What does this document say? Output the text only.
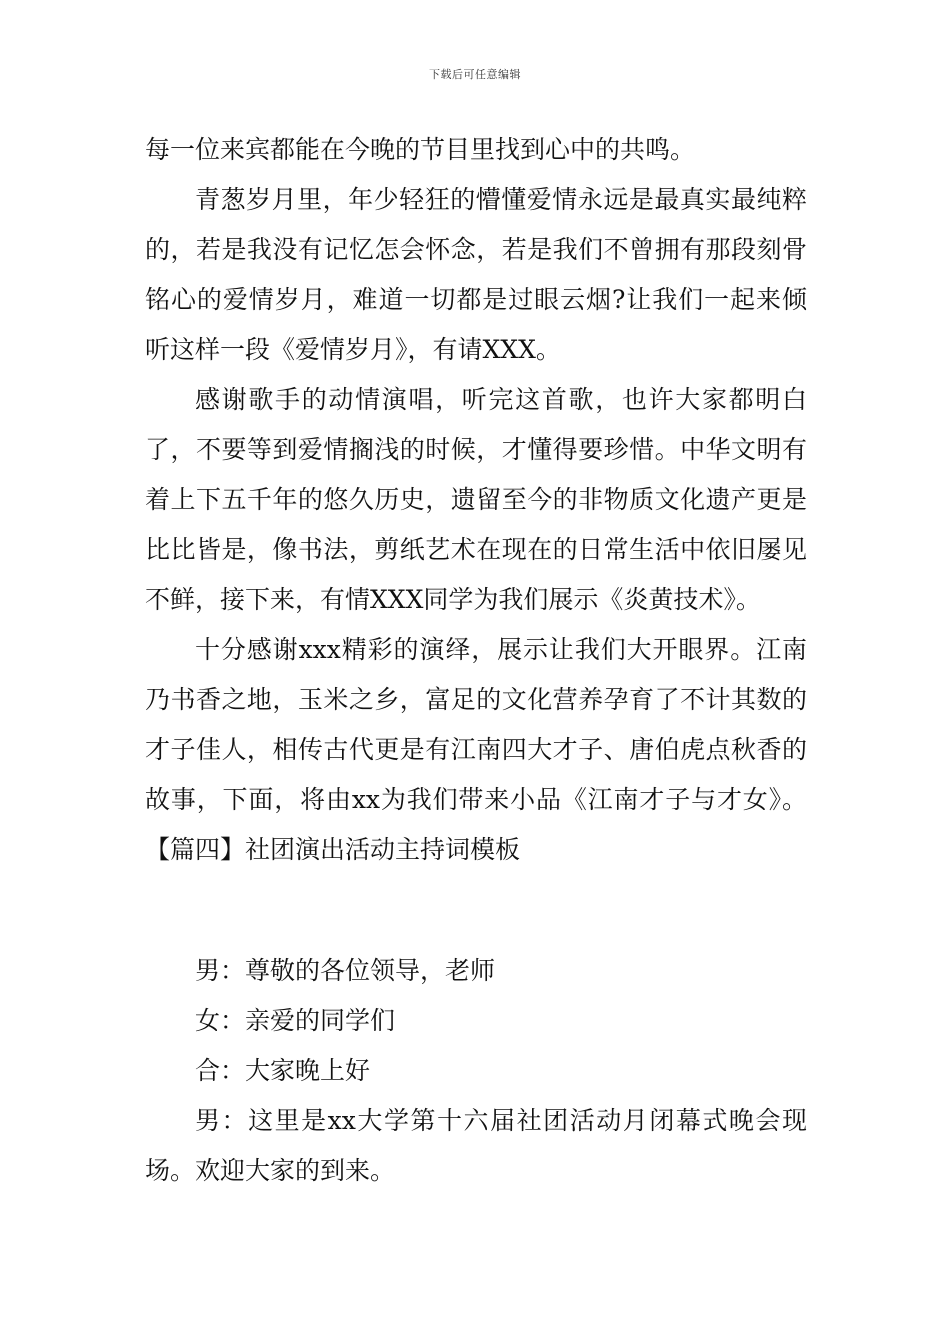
下载后可任意编辑

每一位来宾都能在今晚的节目里找到心中的共鸣。

青葱岁月里，年少轻狂的懵懂爱情永远是最真实最纯粹的，若是我没有记忆怎会怀念，若是我们不曾拥有那段刻骨铭心的爱情岁月，难道一切都是过眼云烟?让我们一起来倾听这样一段《爱情岁月》，有请XXX。

感谢歌手的动情演唱，听完这首歌，也许大家都明白了，不要等到爱情搁浅的时候，才懂得要珍惜。中华文明有着上下五千年的悠久历史，遗留至今的非物质文化遗产更是比比皆是，像书法，剪纸艺术在现在的日常生活中依旧屡见不鲜，接下来，有情XXX同学为我们展示《炎黄技术》。

十分感谢xxx精彩的演绎，展示让我们大开眼界。江南乃书香之地，玉米之乡，富足的文化营养孕育了不计其数的才子佳人，相传古代更是有江南四大才子、唐伯虎点秋香的故事，下面，将由xx为我们带来小品《江南才子与才女》。【篇四】社团演出活动主持词模板

男：尊敬的各位领导，老师

女：亲爱的同学们

合：大家晚上好

男：这里是xx大学第十六届社团活动月闭幕式晚会现场。欢迎大家的到来。
